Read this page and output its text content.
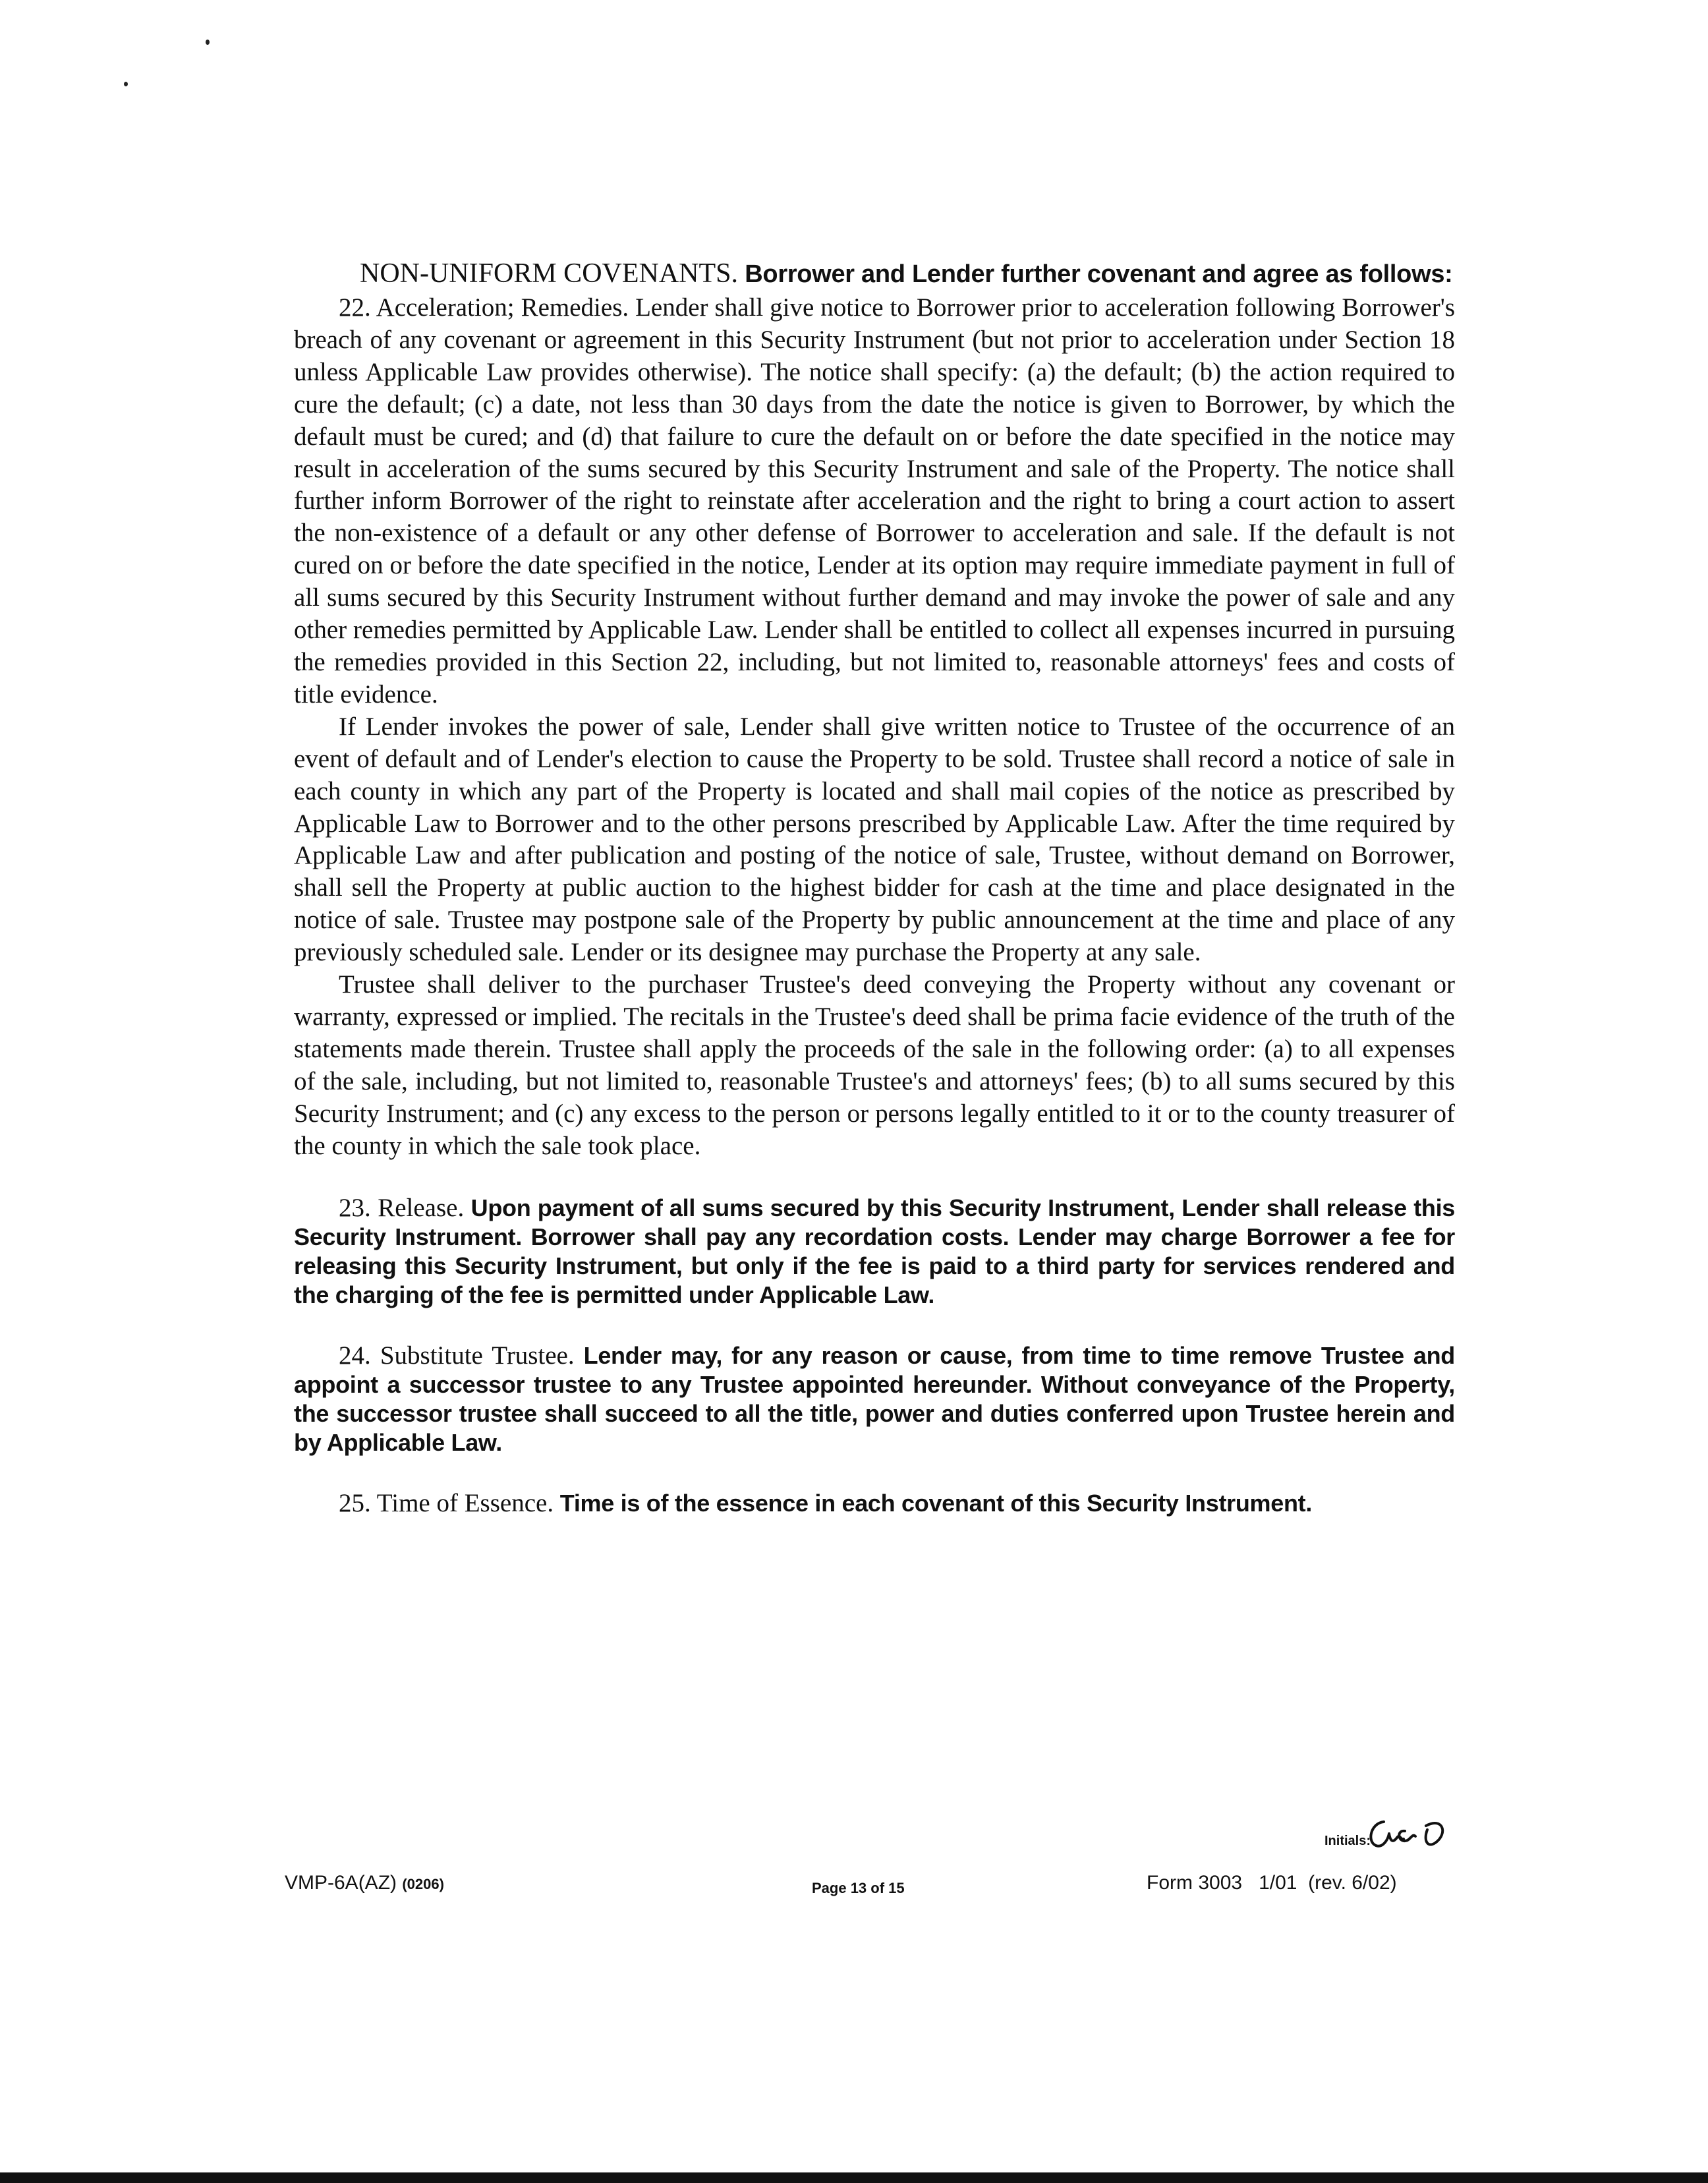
NON-UNIFORM COVENANTS. Borrower and Lender further covenant and agree as follows:

22. Acceleration; Remedies. Lender shall give notice to Borrower prior to acceleration following Borrower's breach of any covenant or agreement in this Security Instrument (but not prior to acceleration under Section 18 unless Applicable Law provides otherwise). The notice shall specify: (a) the default; (b) the action required to cure the default; (c) a date, not less than 30 days from the date the notice is given to Borrower, by which the default must be cured; and (d) that failure to cure the default on or before the date specified in the notice may result in acceleration of the sums secured by this Security Instrument and sale of the Property. The notice shall further inform Borrower of the right to reinstate after acceleration and the right to bring a court action to assert the non-existence of a default or any other defense of Borrower to acceleration and sale. If the default is not cured on or before the date specified in the notice, Lender at its option may require immediate payment in full of all sums secured by this Security Instrument without further demand and may invoke the power of sale and any other remedies permitted by Applicable Law. Lender shall be entitled to collect all expenses incurred in pursuing the remedies provided in this Section 22, including, but not limited to, reasonable attorneys' fees and costs of title evidence.

If Lender invokes the power of sale, Lender shall give written notice to Trustee of the occurrence of an event of default and of Lender's election to cause the Property to be sold. Trustee shall record a notice of sale in each county in which any part of the Property is located and shall mail copies of the notice as prescribed by Applicable Law to Borrower and to the other persons prescribed by Applicable Law. After the time required by Applicable Law and after publication and posting of the notice of sale, Trustee, without demand on Borrower, shall sell the Property at public auction to the highest bidder for cash at the time and place designated in the notice of sale. Trustee may postpone sale of the Property by public announcement at the time and place of any previously scheduled sale. Lender or its designee may purchase the Property at any sale.

Trustee shall deliver to the purchaser Trustee's deed conveying the Property without any covenant or warranty, expressed or implied. The recitals in the Trustee's deed shall be prima facie evidence of the truth of the statements made therein. Trustee shall apply the proceeds of the sale in the following order: (a) to all expenses of the sale, including, but not limited to, reasonable Trustee's and attorneys' fees; (b) to all sums secured by this Security Instrument; and (c) any excess to the person or persons legally entitled to it or to the county treasurer of the county in which the sale took place.

23. Release. Upon payment of all sums secured by this Security Instrument, Lender shall release this Security Instrument. Borrower shall pay any recordation costs. Lender may charge Borrower a fee for releasing this Security Instrument, but only if the fee is paid to a third party for services rendered and the charging of the fee is permitted under Applicable Law.

24. Substitute Trustee. Lender may, for any reason or cause, from time to time remove Trustee and appoint a successor trustee to any Trustee appointed hereunder. Without conveyance of the Property, the successor trustee shall succeed to all the title, power and duties conferred upon Trustee herein and by Applicable Law.

25. Time of Essence. Time is of the essence in each covenant of this Security Instrument.

Initials:
VMP-6A(AZ) (0206)	Page 13 of 15	Form 3003   1/01  (rev. 6/02)
